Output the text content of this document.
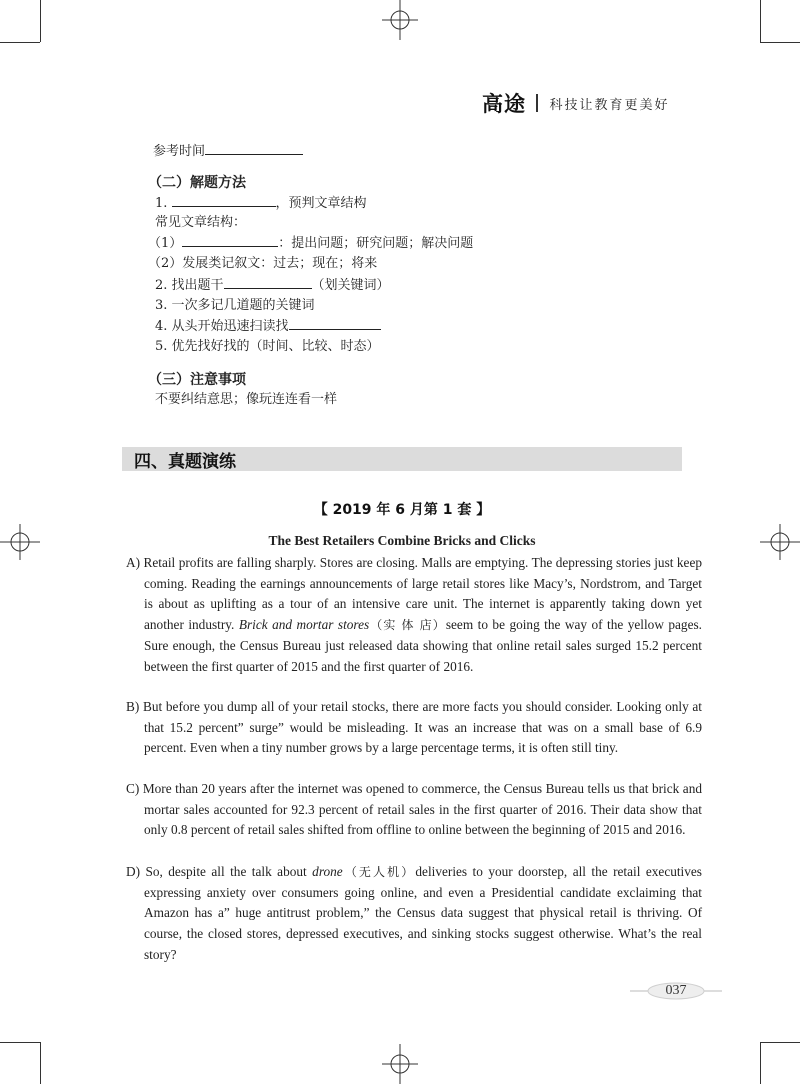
高途 科技让教育更美好
参考时间
（二）解题方法
1.	，预判文章结构
常见文章结构：
（1）	：提出问题；研究问题；解决问题
（2）发展类记叙文：过去；现在；将来
2. 找出题干	（划关键词）
3. 一次多记几道题的关键词
4. 从头开始迅速扫读找
5. 优先找好找的（时间、比较、时态）
（三）注意事项
不要纠结意思；像玩连连看一样
四、真题演练
【 2019 年 6 月第 1 套 】
The Best Retailers Combine Bricks and Clicks
A) Retail profits are falling sharply. Stores are closing. Malls are emptying. The depressing stories just keep coming. Reading the earnings announcements of large retail stores like Macy’s, Nordstrom, and Target is about as uplifting as a tour of an intensive care unit. The internet is apparently taking down yet another industry. Brick and mortar stores（实 体 店）seem to be going the way of the yellow pages. Sure enough, the Census Bureau just released data showing that online retail sales surged 15.2 percent between the first quarter of 2015 and the first quarter of 2016.
B) But before you dump all of your retail stocks, there are more facts you should consider. Looking only at that 15.2 percent” surge” would be misleading. It was an increase that was on a small base of 6.9 percent. Even when a tiny number grows by a large percentage terms, it is often still tiny.
C) More than 20 years after the internet was opened to commerce, the Census Bureau tells us that brick and mortar sales accounted for 92.3 percent of retail sales in the first quarter of 2016. Their data show that only 0.8 percent of retail sales shifted from offline to online between the beginning of 2015 and 2016.
D) So, despite all the talk about drone（无人机）deliveries to your doorstep, all the retail executives expressing anxiety over consumers going online, and even a Presidential candidate exclaiming that Amazon has a” huge antitrust problem,” the Census data suggest that physical retail is thriving. Of course, the closed stores, depressed executives, and sinking stocks suggest otherwise. What’s the real story?
037
